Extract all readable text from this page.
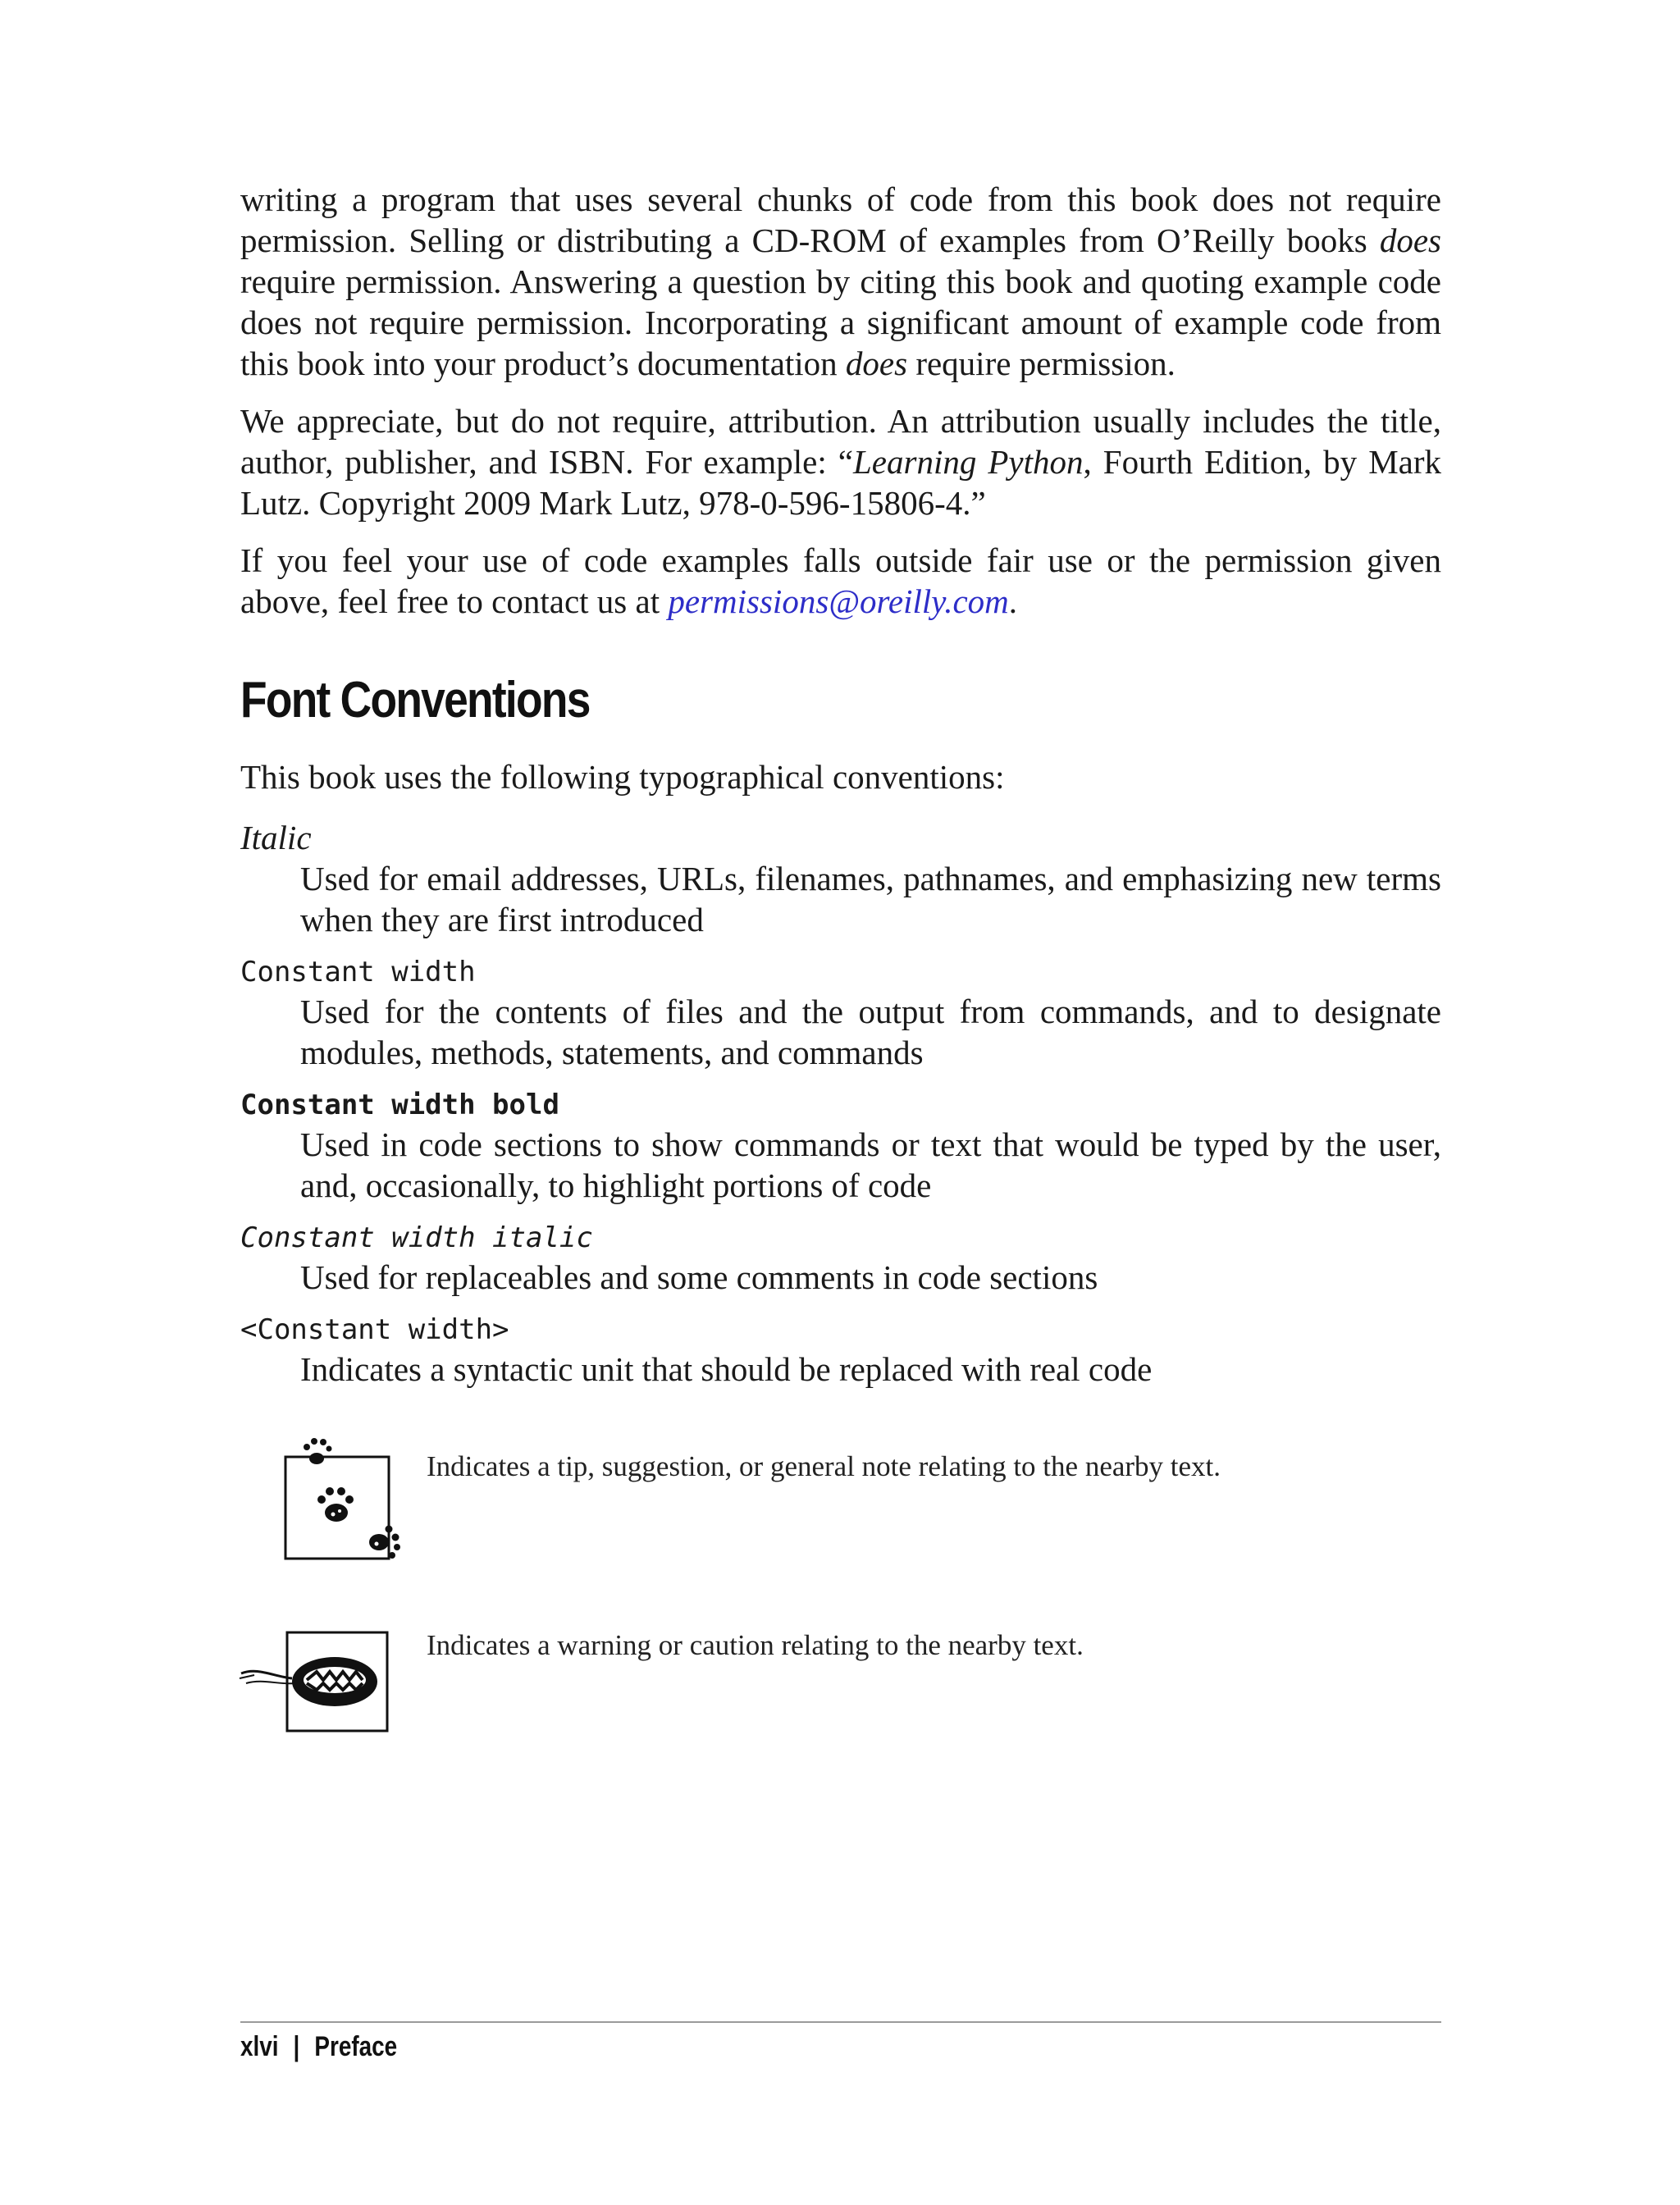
writing a program that uses several chunks of code from this book does not require permission. Selling or distributing a CD-ROM of examples from O’Reilly books does require permission. Answering a question by citing this book and quoting example code does not require permission. Incorporating a significant amount of example code from this book into your product’s documentation does require permission.

We appreciate, but do not require, attribution. An attribution usually includes the title, author, publisher, and ISBN. For example: “Learning Python, Fourth Edition, by Mark Lutz. Copyright 2009 Mark Lutz, 978-0-596-15806-4.”

If you feel your use of code examples falls outside fair use or the permission given above, feel free to contact us at permissions@oreilly.com.

Font Conventions

This book uses the following typographical conventions:

Italic

Used for email addresses, URLs, filenames, pathnames, and emphasizing new terms when they are first introduced

Constant width

Used for the contents of files and the output from commands, and to designate modules, methods, statements, and commands

Constant width bold

Used in code sections to show commands or text that would be typed by the user, and, occasionally, to highlight portions of code

Constant width italic

Used for replaceables and some comments in code sections

<Constant width>

Indicates a syntactic unit that should be replaced with real code

Indicates a tip, suggestion, or general note relating to the nearby text.

Indicates a warning or caution relating to the nearby text.

xlvi | Preface
